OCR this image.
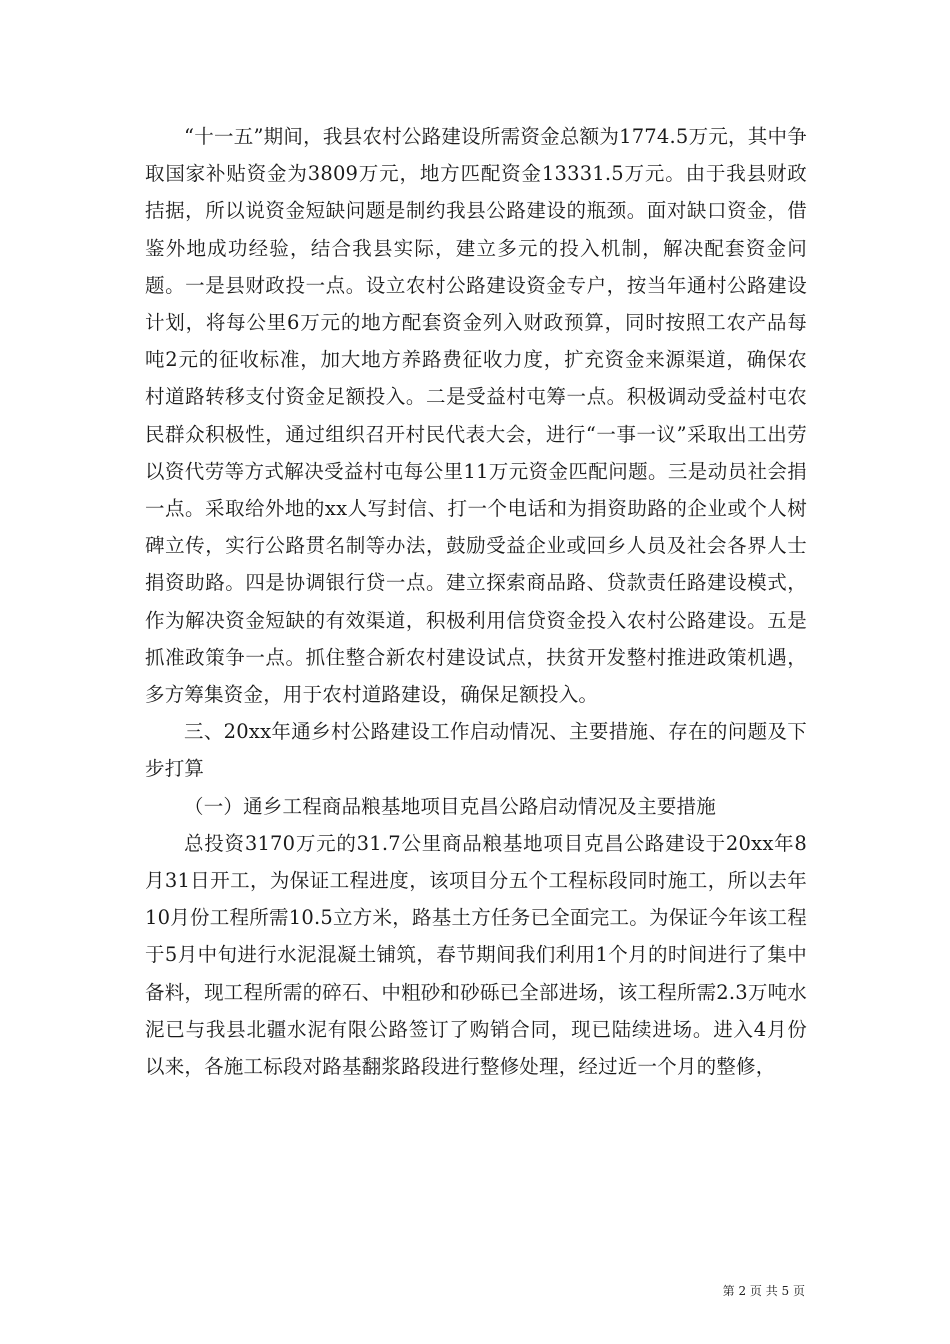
“十一五”期间，我县农村公路建设所需资金总额为1774.5万元，其中争取国家补贴资金为3809万元，地方匹配资金13331.5万元。由于我县财政拮据，所以说资金短缺问题是制约我县公路建设的瓶颈。面对缺口资金，借鉴外地成功经验，结合我县实际，建立多元的投入机制，解决配套资金问题。一是县财政投一点。设立农村公路建设资金专户，按当年通村公路建设计划，将每公里6万元的地方配套资金列入财政预算，同时按照工农产品每吨2元的征收标准，加大地方养路费征收力度，扩充资金来源渠道，确保农村道路转移支付资金足额投入。二是受益村屯筹一点。积极调动受益村屯农民群众积极性，通过组织召开村民代表大会，进行“一事一议”采取出工出劳以资代劳等方式解决受益村屯每公里11万元资金匹配问题。三是动员社会捐一点。采取给外地的xx人写封信、打一个电话和为捐资助路的企业或个人树碑立传，实行公路贯名制等办法，鼓励受益企业或回乡人员及社会各界人士捐资助路。四是协调银行贷一点。建立探索商品路、贷款责任路建设模式，作为解决资金短缺的有效渠道，积极利用信贷资金投入农村公路建设。五是抓准政策争一点。抓住整合新农村建设试点，扶贫开发整村推进政策机遇，多方筹集资金，用于农村道路建设，确保足额投入。

三、20xx年通乡村公路建设工作启动情况、主要措施、存在的问题及下步打算

（一）通乡工程商品粮基地项目克昌公路启动情况及主要措施

总投资3170万元的31.7公里商品粮基地项目克昌公路建设于20xx年8月31日开工，为保证工程进度，该项目分五个工程标段同时施工，所以去年10月份工程所需10.5立方米，路基土方任务已全面完工。为保证今年该工程于5月中旬进行水泥混凝土铺筑，春节期间我们利用1个月的时间进行了集中备料，现工程所需的碎石、中粗砂和砂砾已全部进场，该工程所需2.3万吨水泥已与我县北疆水泥有限公路签订了购销合同，现已陆续进场。进入4月份以来，各施工标段对路基翻浆路段进行整修处理，经过近一个月的整修，

第 2 页 共 5 页
